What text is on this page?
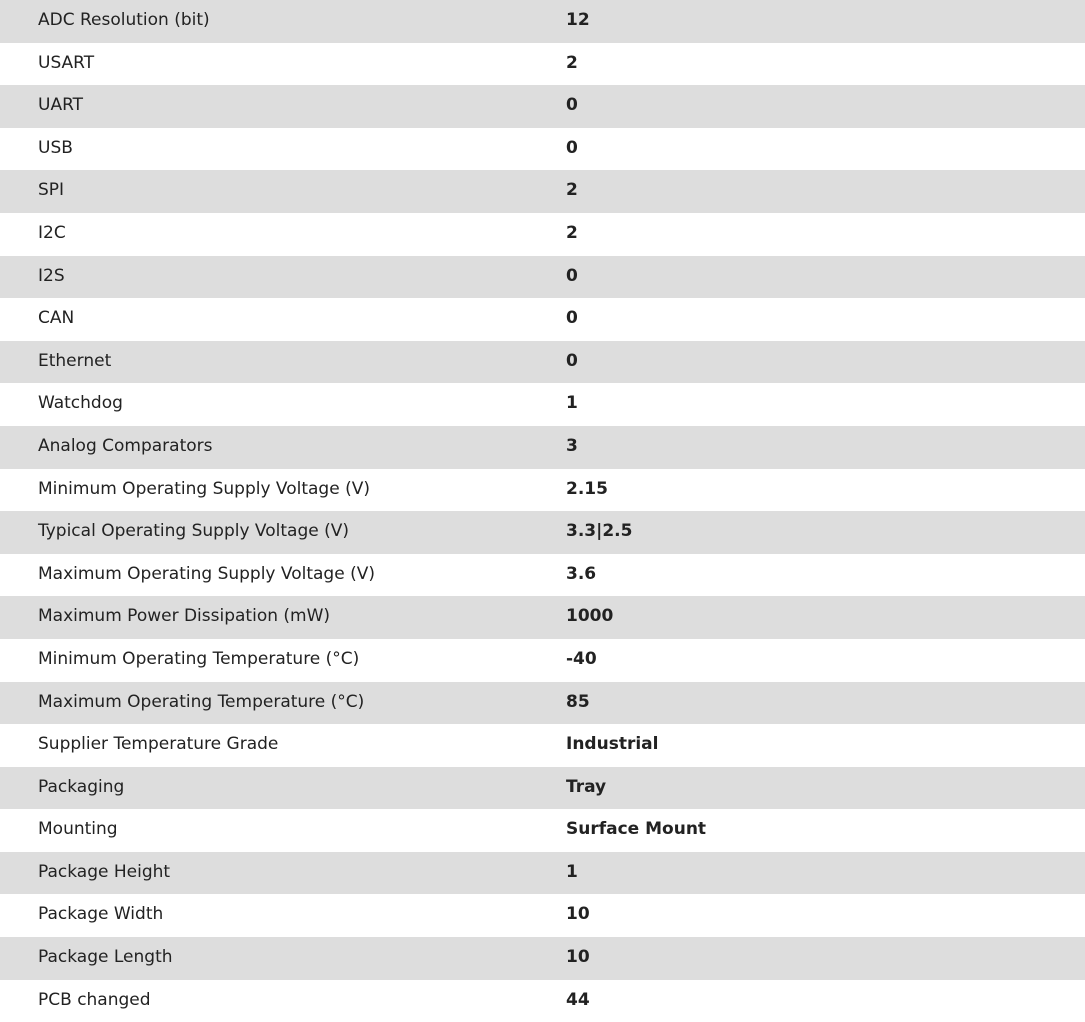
ADC Resolution (bit)	12
USART	2
UART	0
USB	0
SPI	2
I2C	2
I2S	0
CAN	0
Ethernet	0
Watchdog	1
Analog Comparators	3
Minimum Operating Supply Voltage (V)	2.15
Typical Operating Supply Voltage (V)	3.3|2.5
Maximum Operating Supply Voltage (V)	3.6
Maximum Power Dissipation (mW)	1000
Minimum Operating Temperature (°C)	-40
Maximum Operating Temperature (°C)	85
Supplier Temperature Grade	Industrial
Packaging	Tray
Mounting	Surface Mount
Package Height	1
Package Width	10
Package Length	10
PCB changed	44
